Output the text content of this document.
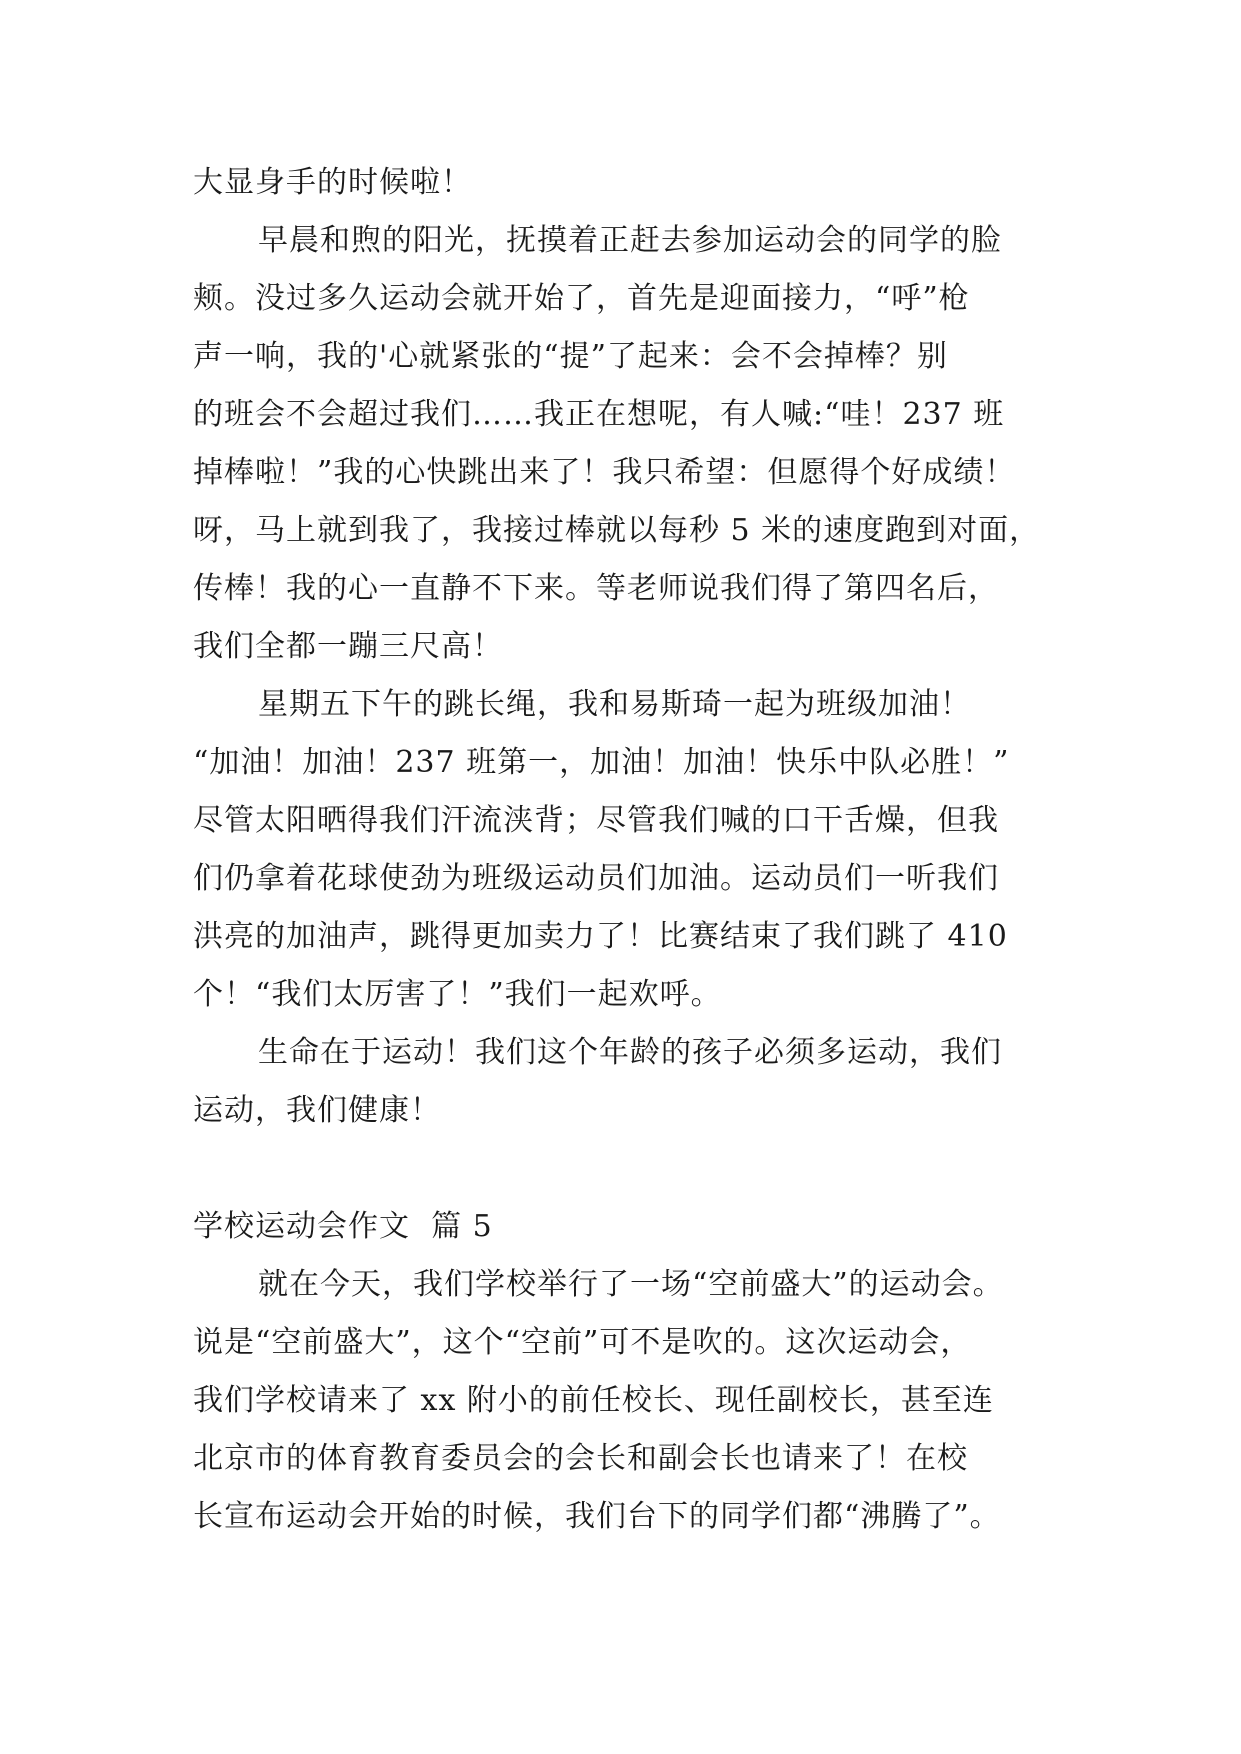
大显身手的时候啦！
早晨和煦的阳光，抚摸着正赶去参加运动会的同学的脸
颊。没过多久运动会就开始了，首先是迎面接力，“呼”枪
声一响，我的'心就紧张的“提”了起来：会不会掉棒？别
的班会不会超过我们……我正在想呢，有人喊:“哇！237 班
掉棒啦！”我的心快跳出来了！我只希望：但愿得个好成绩！
呀，马上就到我了，我接过棒就以每秒 5 米的速度跑到对面，
传棒！我的心一直静不下来。等老师说我们得了第四名后，
我们全都一蹦三尺高！
星期五下午的跳长绳，我和易斯琦一起为班级加油！
“加油！加油！237 班第一，加油！加油！快乐中队必胜！”
尽管太阳晒得我们汗流浃背；尽管我们喊的口干舌燥，但我
们仍拿着花球使劲为班级运动员们加油。运动员们一听我们
洪亮的加油声，跳得更加卖力了！比赛结束了我们跳了 410
个！“我们太厉害了！”我们一起欢呼。
生命在于运动！我们这个年龄的孩子必须多运动，我们
运动，我们健康！
学校运动会作文  篇 5
就在今天，我们学校举行了一场“空前盛大”的运动会。
说是“空前盛大”，这个“空前”可不是吹的。这次运动会，
我们学校请来了 xx 附小的前任校长、现任副校长，甚至连
北京市的体育教育委员会的会长和副会长也请来了！在校
长宣布运动会开始的时候，我们台下的同学们都“沸腾了”。
